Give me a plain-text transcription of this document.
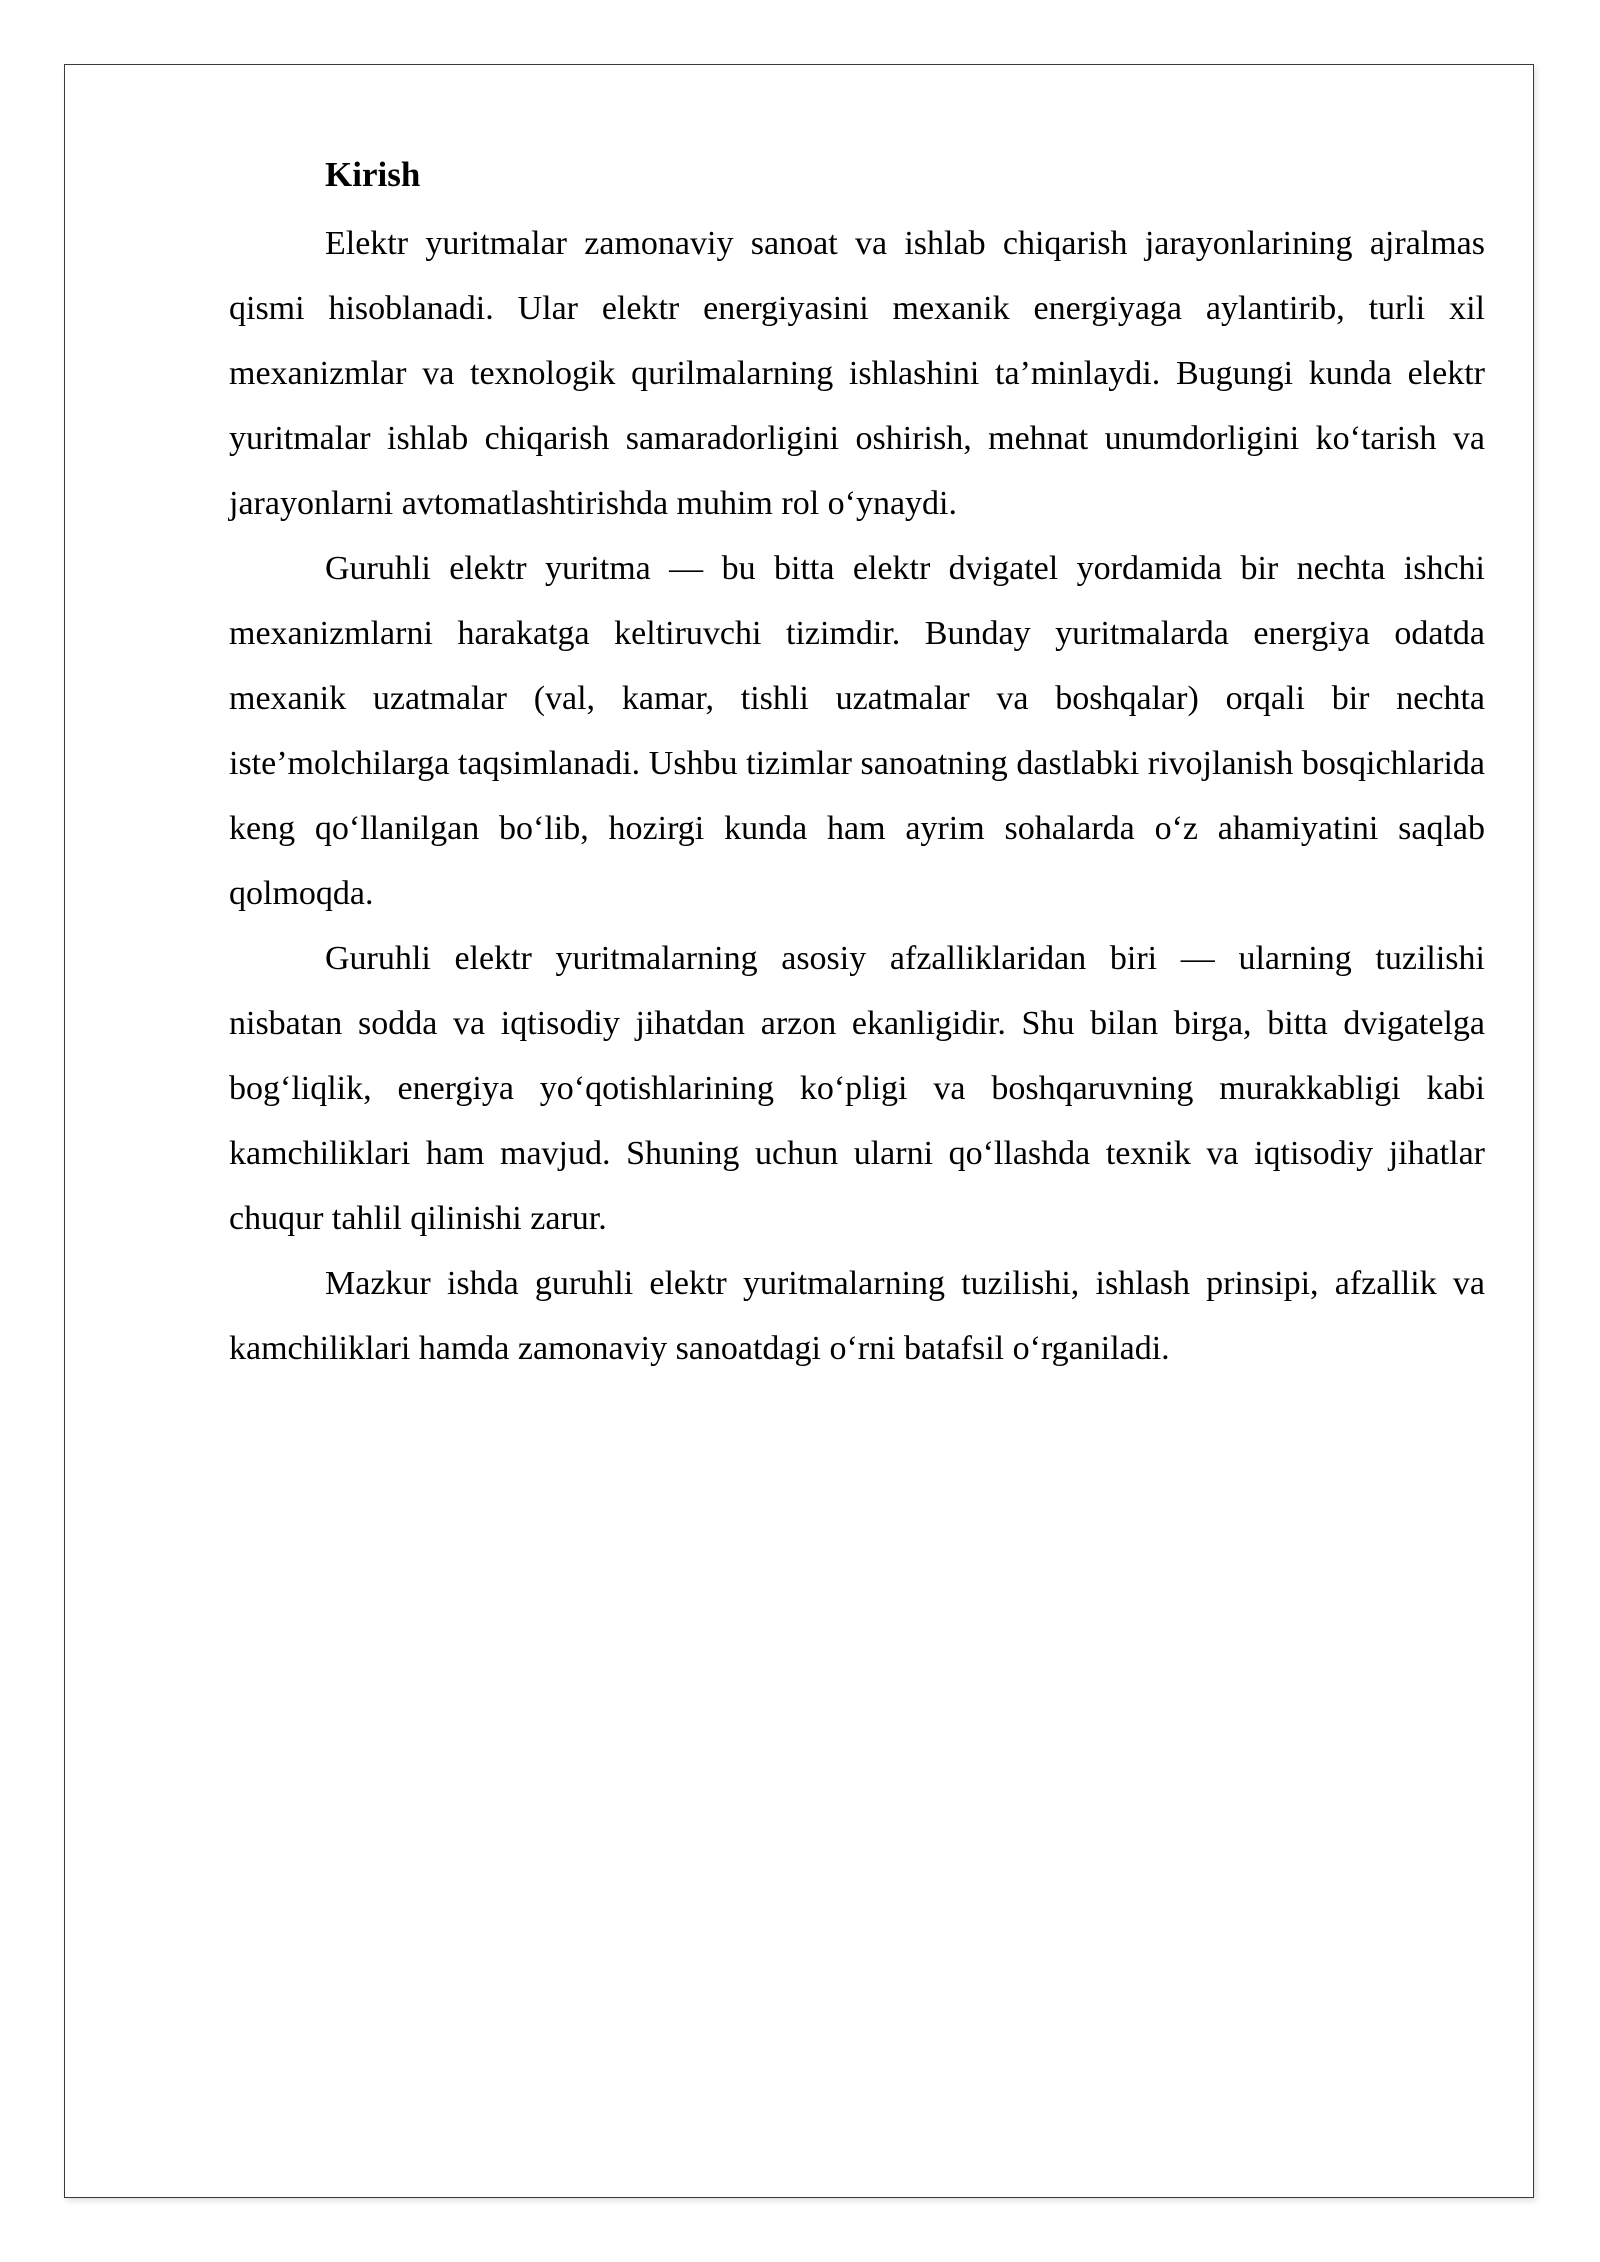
Kirish

Elektr yuritmalar zamonaviy sanoat va ishlab chiqarish jarayonlarining ajralmas qismi hisoblanadi. Ular elektr energiyasini mexanik energiyaga aylantirib, turli xil mexanizmlar va texnologik qurilmalarning ishlashini ta’minlaydi. Bugungi kunda elektr yuritmalar ishlab chiqarish samaradorligini oshirish, mehnat unumdorligini ko‘tarish va jarayonlarni avtomatlashtirishda muhim rol o‘ynaydi.

Guruhli elektr yuritma — bu bitta elektr dvigatel yordamida bir nechta ishchi mexanizmlarni harakatga keltiruvchi tizimdir. Bunday yuritmalarda energiya odatda mexanik uzatmalar (val, kamar, tishli uzatmalar va boshqalar) orqali bir nechta iste’molchilarga taqsimlanadi. Ushbu tizimlar sanoatning dastlabki rivojlanish bosqichlarida keng qo‘llanilgan bo‘lib, hozirgi kunda ham ayrim sohalarda o‘z ahamiyatini saqlab qolmoqda.

Guruhli elektr yuritmalarning asosiy afzalliklaridan biri — ularning tuzilishi nisbatan sodda va iqtisodiy jihatdan arzon ekanligidir. Shu bilan birga, bitta dvigatelga bog‘liqlik, energiya yo‘qotishlarining ko‘pligi va boshqaruvning murakkabligi kabi kamchiliklari ham mavjud. Shuning uchun ularni qo‘llashda texnik va iqtisodiy jihatlar chuqur tahlil qilinishi zarur.

Mazkur ishda guruhli elektr yuritmalarning tuzilishi, ishlash prinsipi, afzallik va kamchiliklari hamda zamonaviy sanoatdagi o‘rni batafsil o‘rganiladi.
